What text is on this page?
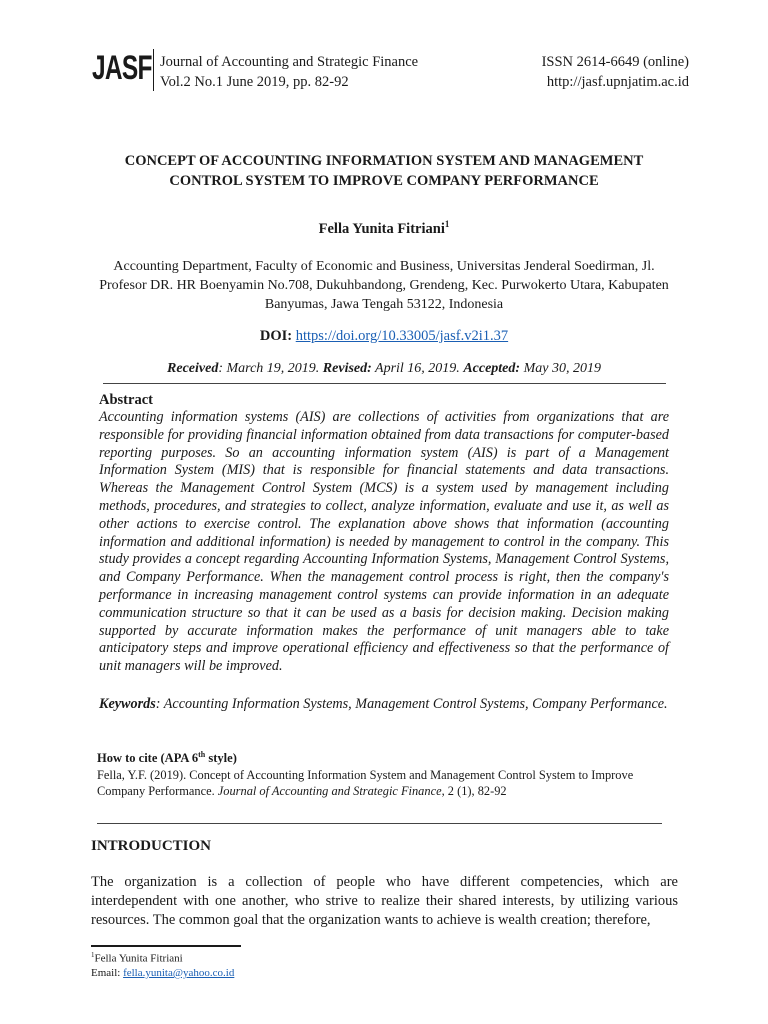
JASF Journal of Accounting and Strategic Finance
Vol.2 No.1 June 2019, pp. 82-92
ISSN 2614-6649 (online)
http://jasf.upnjatim.ac.id
CONCEPT OF ACCOUNTING INFORMATION SYSTEM AND MANAGEMENT
CONTROL SYSTEM TO IMPROVE COMPANY PERFORMANCE
Fella Yunita Fitriani$^1$
Accounting Department, Faculty of Economic and Business, Universitas Jenderal Soedirman, Jl.
Profesor DR. HR Boenyamin No.708, Dukuhbandong, Grendeng, Kec. Purwokerto Utara, Kabupaten
Banyumas, Jawa Tengah 53122, Indonesia
DOI: https://doi.org/10.33005/jasf.v2i1.37
Received: March 19, 2019. Revised: April 16, 2019. Accepted: May 30, 2019
Abstract
Accounting information systems (AIS) are collections of activities from organizations that are responsible for providing financial information obtained from data transactions for computer-based reporting purposes. So an accounting information system (AIS) is part of a Management Information System (MIS) that is responsible for financial statements and data transactions. Whereas the Management Control System (MCS) is a system used by management including methods, procedures, and strategies to collect, analyze information, evaluate and use it, as well as other actions to exercise control. The explanation above shows that information (accounting information and additional information) is needed by management to control in the company. This study provides a concept regarding Accounting Information Systems, Management Control Systems, and Company Performance. When the management control process is right, then the company's performance in increasing management control systems can provide information in an adequate communication structure so that it can be used as a basis for decision making. Decision making supported by accurate information makes the performance of unit managers able to take anticipatory steps and improve operational efficiency and effectiveness so that the performance of unit managers will be improved.
Keywords: Accounting Information Systems, Management Control Systems, Company Performance.
How to cite (APA 6th style)
Fella, Y.F. (2019). Concept of Accounting Information System and Management Control System to Improve Company Performance. Journal of Accounting and Strategic Finance, 2 (1), 82-92
INTRODUCTION
The organization is a collection of people who have different competencies, which are interdependent with one another, who strive to realize their shared interests, by utilizing various resources. The common goal that the organization wants to achieve is wealth creation; therefore,
$^1$Fella Yunita Fitriani
Email: fella.yunita@yahoo.co.id
